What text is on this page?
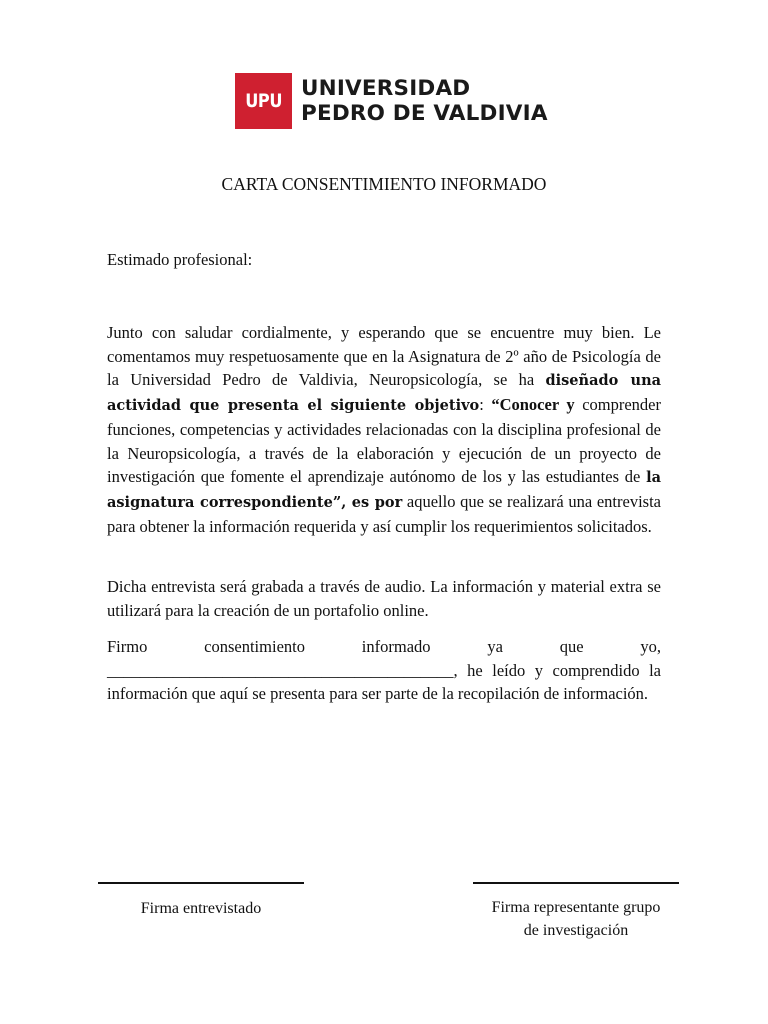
UPU UNIVERSIDAD
PEDRO DE VALDIVIA
CARTA CONSENTIMIENTO INFORMADO
Estimado profesional:

Junto con saludar cordialmente, y esperando que se encuentre muy bien. Le comentamos muy respetuosamente que en la Asignatura de 2º año de Psicología de la Universidad Pedro de Valdivia, Neuropsicología, se ha diseñado una actividad que presenta el siguiente objetivo: “Conocer y comprender funciones, competencias y actividades relacionadas con la disciplina profesional de la Neuropsicología, a través de la elaboración y ejecución de un proyecto de investigación que fomente el aprendizaje autónomo de los y las estudiantes de la asignatura correspondiente”, es por aquello que se realizará una entrevista para obtener la información requerida y así cumplir los requerimientos solicitados.

Dicha entrevista será grabada a través de audio. La información y material extra se utilizará para la creación de un portafolio online.

Firmo consentimiento informado ya que yo, __________________________________________, he leído y comprendido la información que aquí se presenta para ser parte de la recopilación de información.

Firma entrevistado	Firma representante grupo
de investigación
